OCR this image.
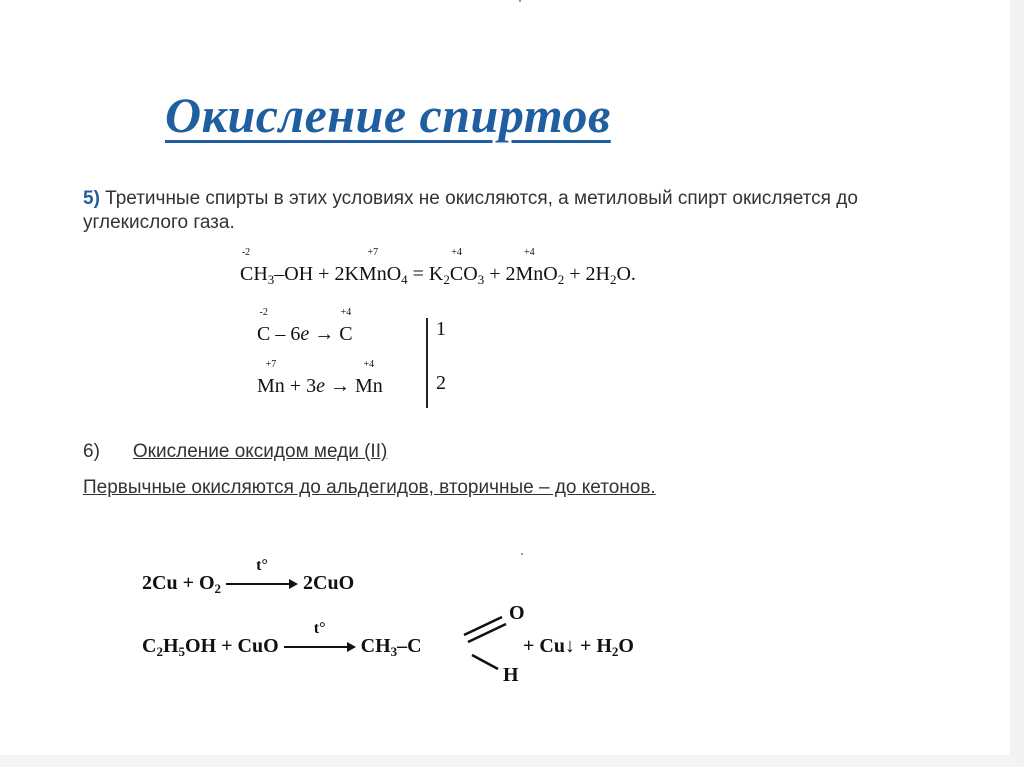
Окисление спиртов
5) Третичные спирты в этих условиях не окисляются, а метиловый спирт окисляется до углекислого газа.
CH
-2
$_3$–OH + 2KMn
+7
$O_4 = K_2C$
+4
$O_3 + 2Mn$
+4
$O_2 + 2H_2O$.
C
-2
– 6e → C
+4
Mn
+7
+ 3e → Mn
+4
1
2
6) Окисление оксидом меди (II)
Первычные окисляются до альдегидов, вторичные – до кетонов.
$2Cu + O_2$
t°
2CuO
$C_2H_5OH$ + CuO
t°
$CH_3-C$
O
H
+ Cu↓ + $H_2O$
